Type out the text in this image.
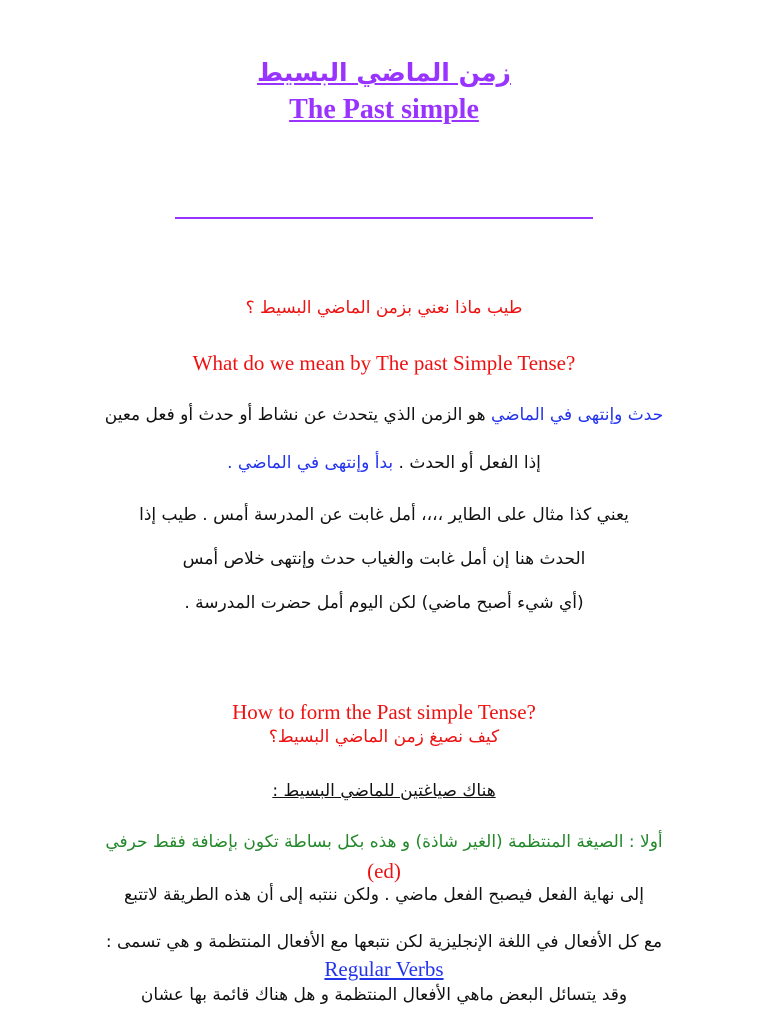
زمن الماضي البسيط
The Past simple
طيب ماذا نعني بزمن الماضي البسيط ؟
What do we mean by The past Simple Tense?
حدث وإنتهى في الماضي هو الزمن الذي يتحدث عن نشاط أو حدث أو فعل معين
إذا الفعل أو الحدث . بدأ وإنتهى في الماضي .
يعني كذا مثال على الطاير ،،،، أمل غابت عن المدرسة أمس . طيب إذا
الحدث هنا إن أمل غابت والغياب حدث وإنتهى خلاص أمس
(أي شيء أصبح ماضي) لكن اليوم أمل حضرت المدرسة .
How to form the Past simple Tense?
كيف نصيغ زمن الماضي البسيط؟
هناك صياغتين للماضي البسيط :
أولا : الصيغة المنتظمة (الغير شاذة) و هذه بكل بساطة تكون بإضافة فقط حرفي
(ed)
إلى نهاية الفعل فيصبح الفعل ماضي . ولكن ننتبه إلى أن هذه الطريقة لاتتبع
مع كل الأفعال في اللغة الإنجليزية لكن نتبعها مع الأفعال المنتظمة و هي تسمى :
Regular Verbs
وقد يتسائل البعض ماهي الأفعال المنتظمة و هل هناك قائمة بها عشان
